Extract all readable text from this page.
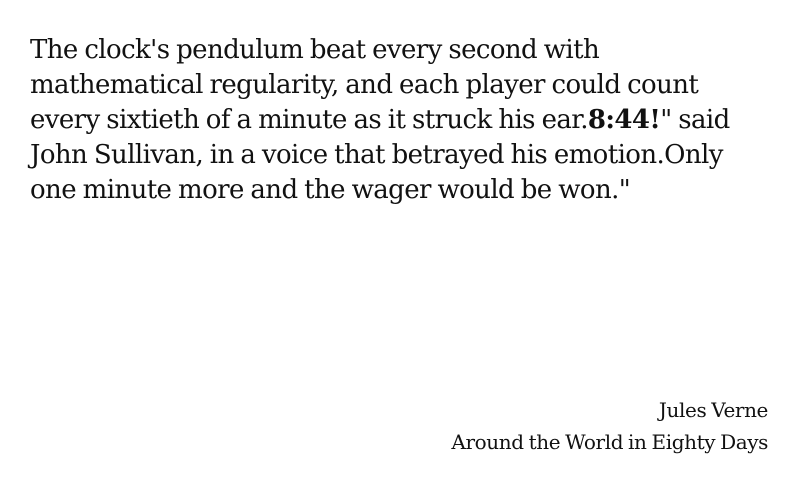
The clock's pendulum beat every second with mathematical regularity, and each player could count every sixtieth of a minute as it struck his ear.8:44!" said John Sullivan, in a voice that betrayed his emotion.Only one minute more and the wager would be won."

Jules Verne
Around the World in Eighty Days
